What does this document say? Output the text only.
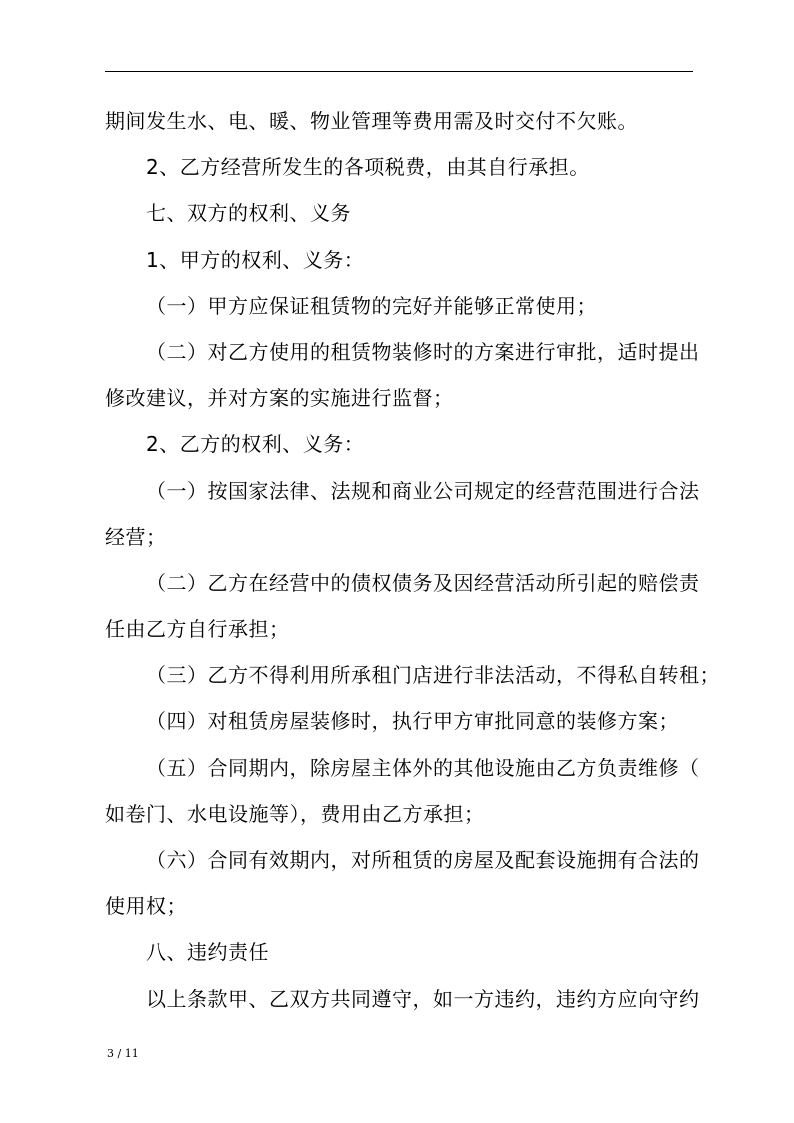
期间发生水、电、暖、物业管理等费用需及时交付不欠账。
2、乙方经营所发生的各项税费，由其自行承担。
七、双方的权利、义务
1、甲方的权利、义务：
（一）甲方应保证租赁物的完好并能够正常使用；
（二）对乙方使用的租赁物装修时的方案进行审批，适时提出
修改建议，并对方案的实施进行监督；
2、乙方的权利、义务：
（一）按国家法律、法规和商业公司规定的经营范围进行合法
经营；
（二）乙方在经营中的债权债务及因经营活动所引起的赔偿责
任由乙方自行承担；
（三）乙方不得利用所承租门店进行非法活动，不得私自转租；
（四）对租赁房屋装修时，执行甲方审批同意的装修方案；
（五）合同期内，除房屋主体外的其他设施由乙方负责维修（
如卷门、水电设施等），费用由乙方承担；
（六）合同有效期内，对所租赁的房屋及配套设施拥有合法的
使用权；
八、违约责任
以上条款甲、乙双方共同遵守，如一方违约，违约方应向守约
3 / 11
